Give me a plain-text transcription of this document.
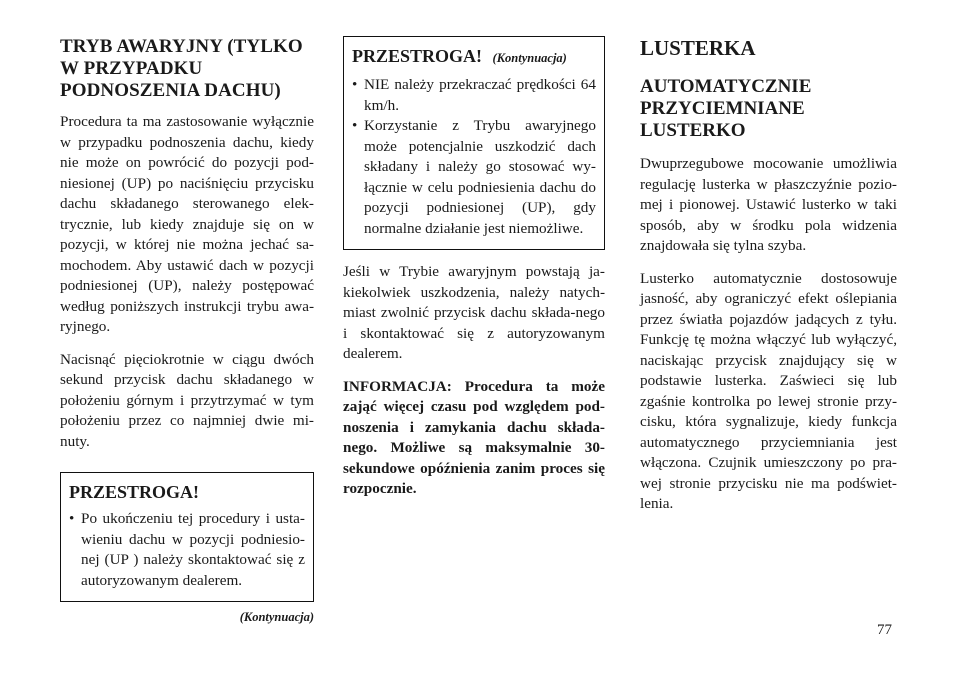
TRYB AWARYJNY (TYLKO W PRZYPADKU PODNOSZENIA DACHU)

Procedura ta ma zastosowanie wyłącznie w przypadku podnoszenia dachu, kiedy nie może on powrócić do pozycji pod-niesionej (UP) po naciśnięciu przycisku dachu składanego sterowanego elek-trycznie, lub kiedy znajduje się on w pozycji, w której nie można jechać sa-mochodem. Aby ustawić dach w pozycji podniesionej (UP), należy postępować według poniższych instrukcji trybu awa-ryjnego.

Nacisnąć pięciokrotnie w ciągu dwóch sekund przycisk dachu składanego w położeniu górnym i przytrzymać w tym położeniu przez co najmniej dwie mi-nuty.

PRZESTROGA!
• Po ukończeniu tej procedury i usta-wieniu dachu w pozycji podniesio-nej (UP ) należy skontaktować się z autoryzowanym dealerem.
(Kontynuacja)
PRZESTROGA! (Kontynuacja)
• NIE należy przekraczać prędkości 64 km/h.
• Korzystanie z Trybu awaryjnego może potencjalnie uszkodzić dach składany i należy go stosować wy-łącznie w celu podniesienia dachu do pozycji podniesionej (UP), gdy normalne działanie jest niemożliwe.

Jeśli w Trybie awaryjnym powstają ja-kiekolwiek uszkodzenia, należy natych-miast zwolnić przycisk dachu składa-nego i skontaktować się z autoryzowanym dealerem.

INFORMACJA: Procedura ta może zająć więcej czasu pod względem pod-noszenia i zamykania dachu składa-nego. Możliwe są maksymalnie 30-sekundowe opóźnienia zanim proces się rozpocznie.

LUSTERKA
AUTOMATYCZNIE PRZYCIEMNIANE LUSTERKO

Dwuprzegubowe mocowanie umożliwia regulację lusterka w płaszczyźnie pozio-mej i pionowej. Ustawić lusterko w taki sposób, aby w środku pola widzenia znajdowała się tylna szyba.

Lusterko automatycznie dostosowuje jasność, aby ograniczyć efekt oślepiania przez światła pojazdów jadących z tyłu. Funkcję tę można włączyć lub wyłączyć, naciskając przycisk znajdujący się w podstawie lusterka. Zaświeci się lub zgaśnie kontrolka po lewej stronie przy-cisku, która sygnalizuje, kiedy funkcja automatycznego przyciemniania jest włączona. Czujnik umieszczony po pra-wej stronie przycisku nie ma podświet-lenia.

77
